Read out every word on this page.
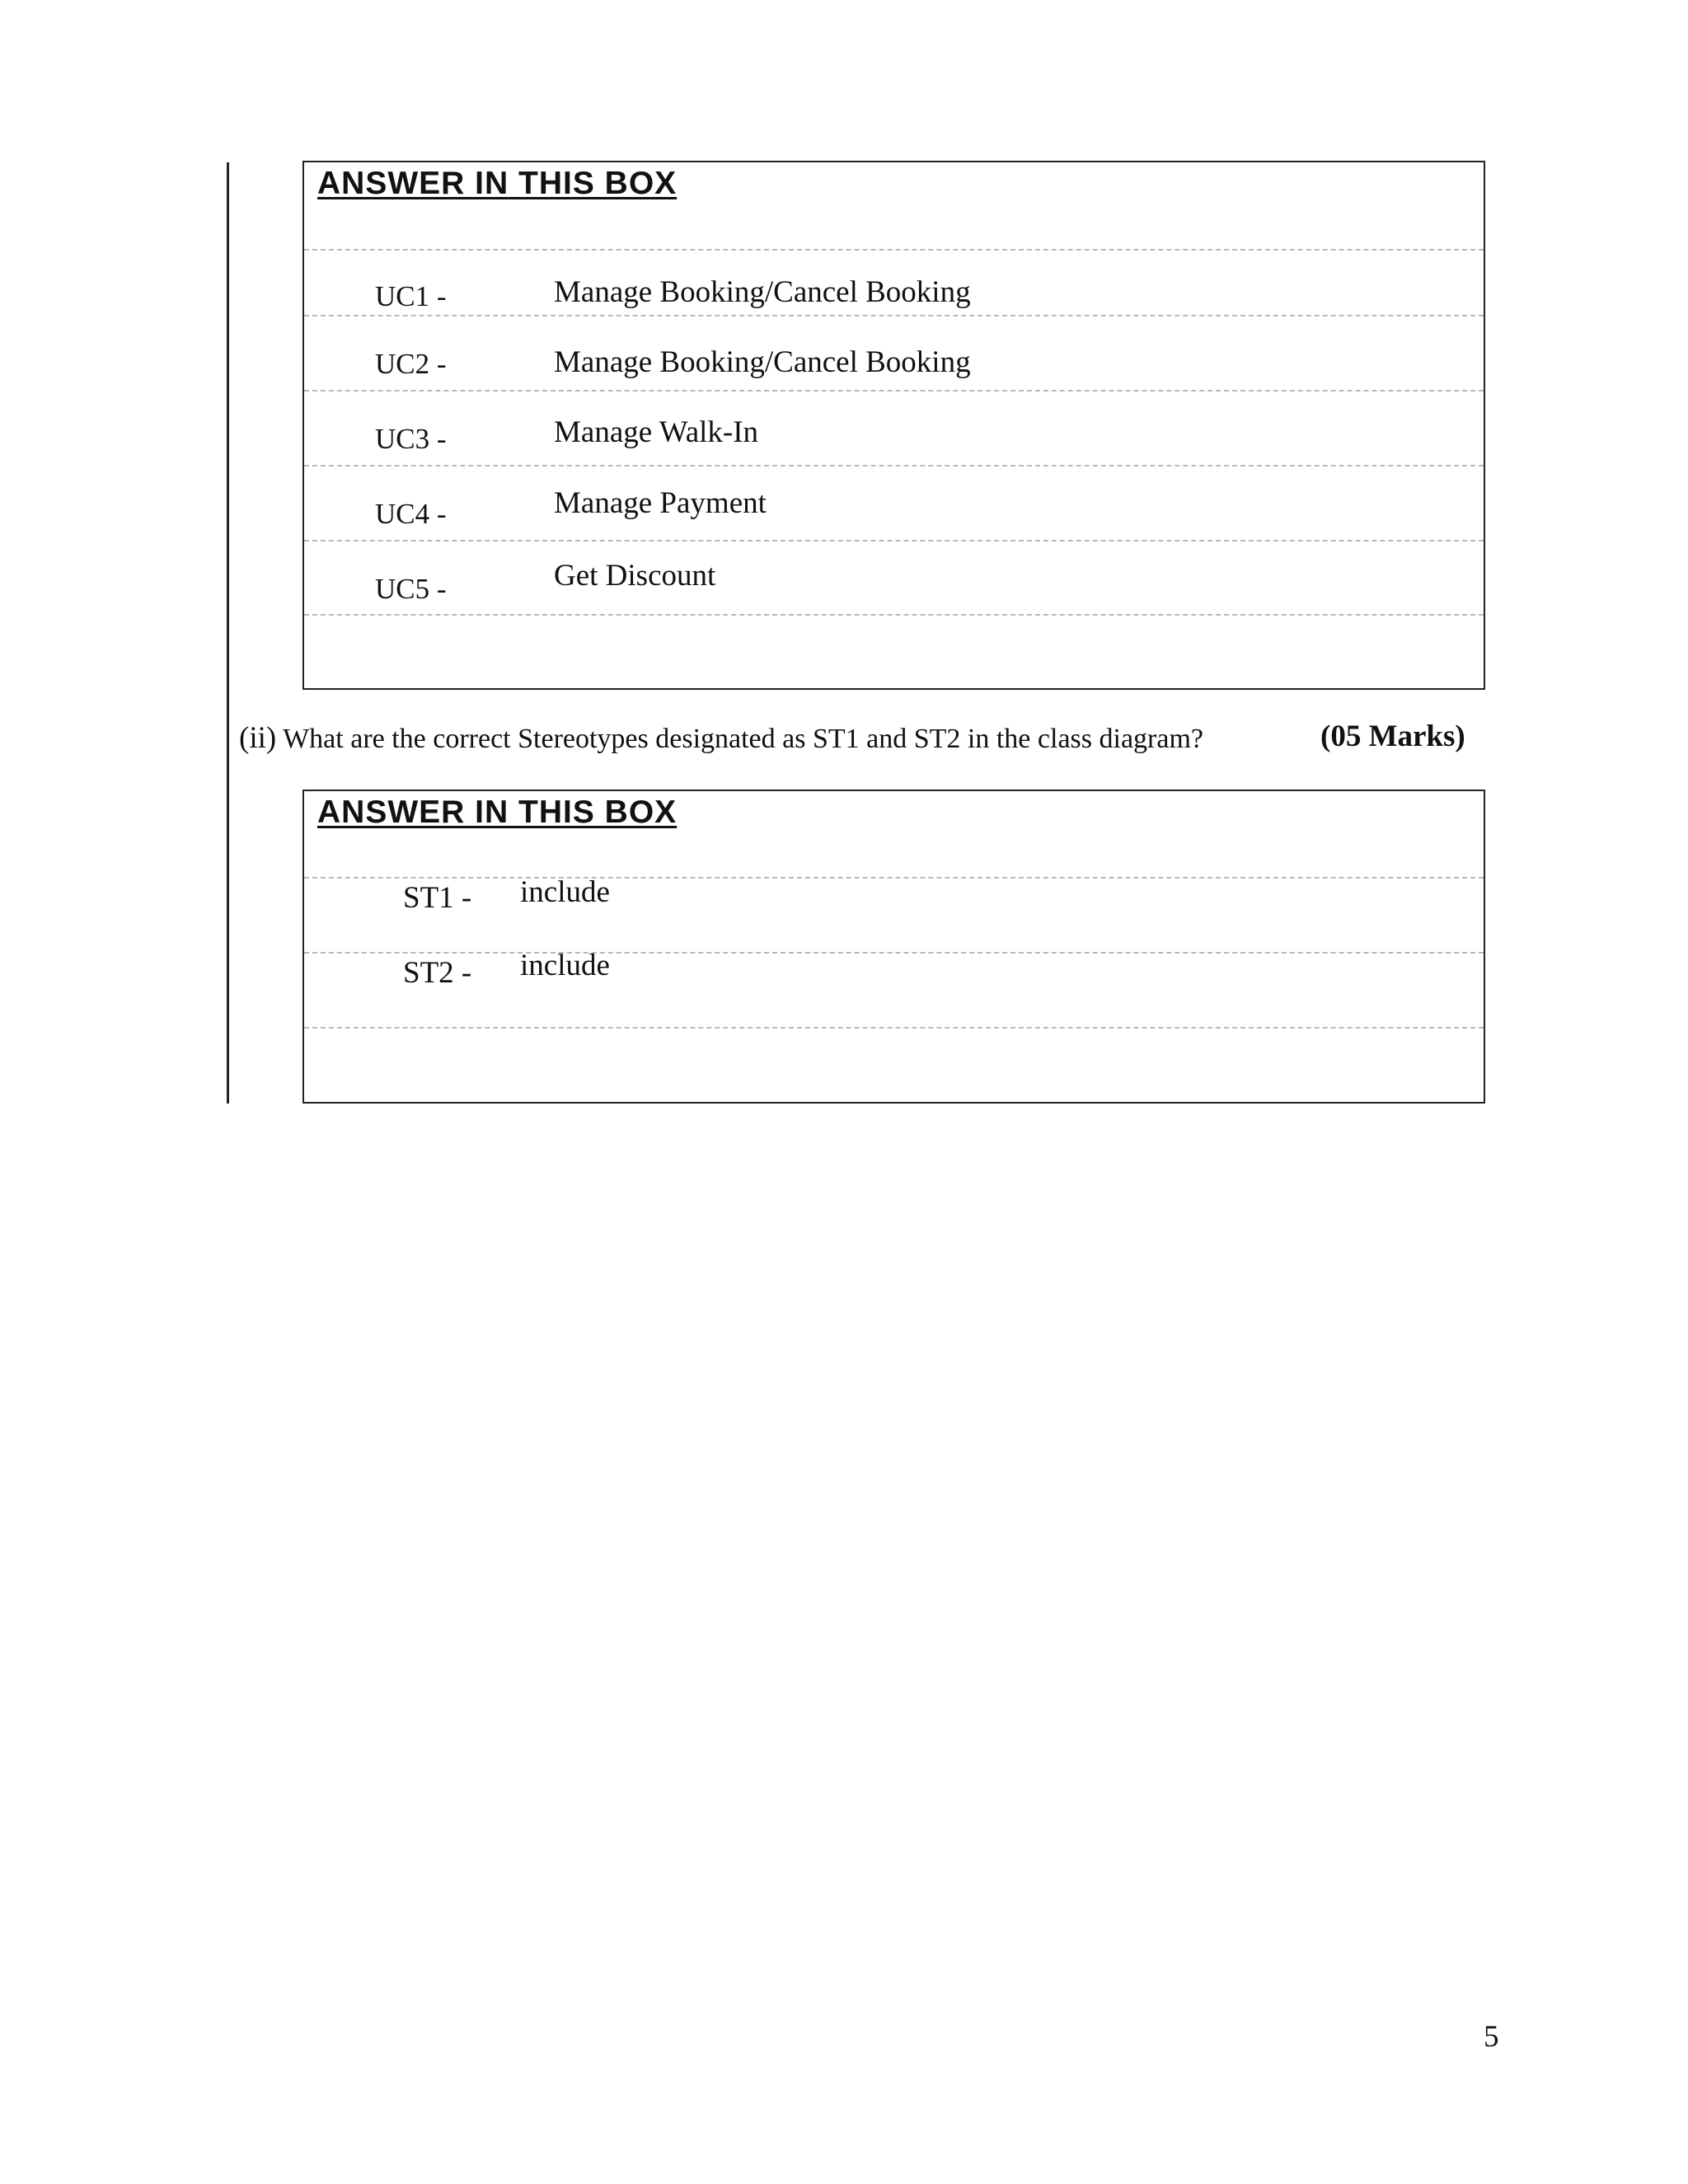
ANSWER IN THIS BOX
UC1 -	Manage Booking/Cancel Booking
UC2 -	Manage Booking/Cancel Booking
UC3 -	Manage Walk-In
UC4 -	Manage Payment
UC5 -	Get Discount
(ii) What are the correct Stereotypes designated as ST1 and ST2 in the class diagram?	(05 Marks)
ANSWER IN THIS BOX
ST1 - include
ST2 - include
5
